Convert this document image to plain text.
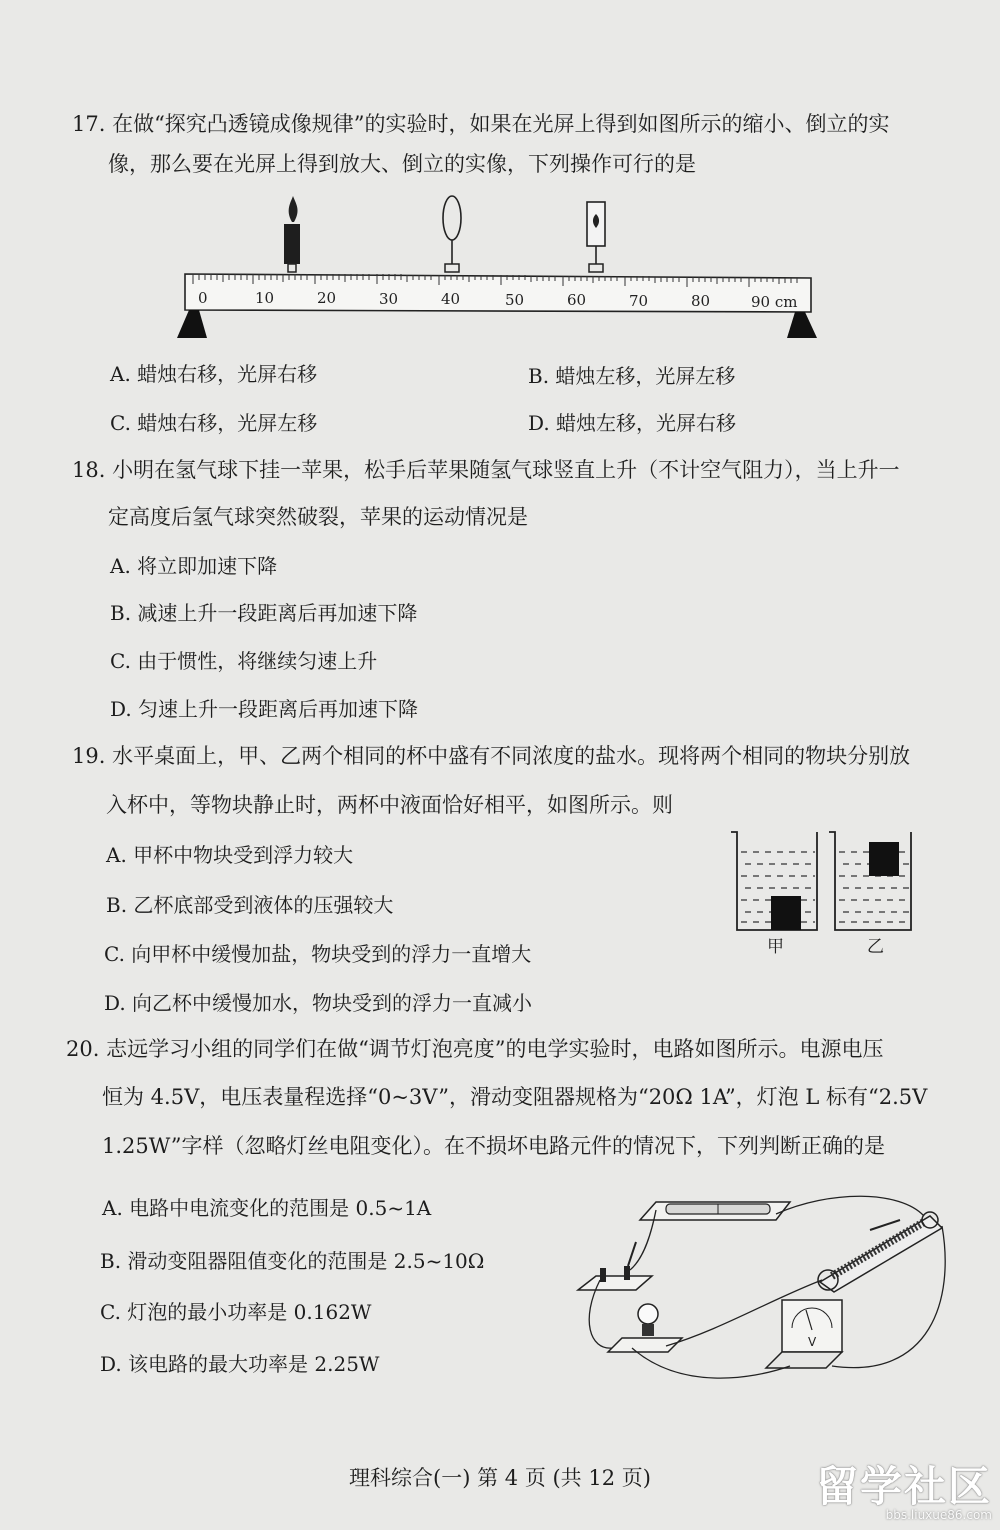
17. 在做“探究凸透镜成像规律”的实验时，如果在光屏上得到如图所示的缩小、倒立的实
像，那么要在光屏上得到放大、倒立的实像，下列操作可行的是
0	10	20	30	40	50	60	70	80	90 cm
A. 蜡烛右移，光屏右移	B. 蜡烛左移，光屏左移
C. 蜡烛右移，光屏左移	D. 蜡烛左移，光屏右移
18. 小明在氢气球下挂一苹果，松手后苹果随氢气球竖直上升（不计空气阻力），当上升一
定高度后氢气球突然破裂，苹果的运动情况是
A. 将立即加速下降
B. 减速上升一段距离后再加速下降
C. 由于惯性，将继续匀速上升
D. 匀速上升一段距离后再加速下降
19. 水平桌面上，甲、乙两个相同的杯中盛有不同浓度的盐水。现将两个相同的物块分别放
入杯中，等物块静止时，两杯中液面恰好相平，如图所示。则
A. 甲杯中物块受到浮力较大
B. 乙杯底部受到液体的压强较大
C. 向甲杯中缓慢加盐，物块受到的浮力一直增大
D. 向乙杯中缓慢加水，物块受到的浮力一直减小
甲	乙
20. 志远学习小组的同学们在做“调节灯泡亮度”的电学实验时，电路如图所示。电源电压
恒为 4.5V，电压表量程选择“0~3V”，滑动变阻器规格为“20Ω 1A”，灯泡 L 标有“2.5V
1.25W”字样（忽略灯丝电阻变化）。在不损坏电路元件的情况下，下列判断正确的是
A. 电路中电流变化的范围是 0.5~1A
B. 滑动变阻器阻值变化的范围是 2.5~10Ω
C. 灯泡的最小功率是 0.162W
D. 该电路的最大功率是 2.25W
V
理科综合(一) 第 4 页 (共 12 页)	留学社区
bbs.liuxue86.com
